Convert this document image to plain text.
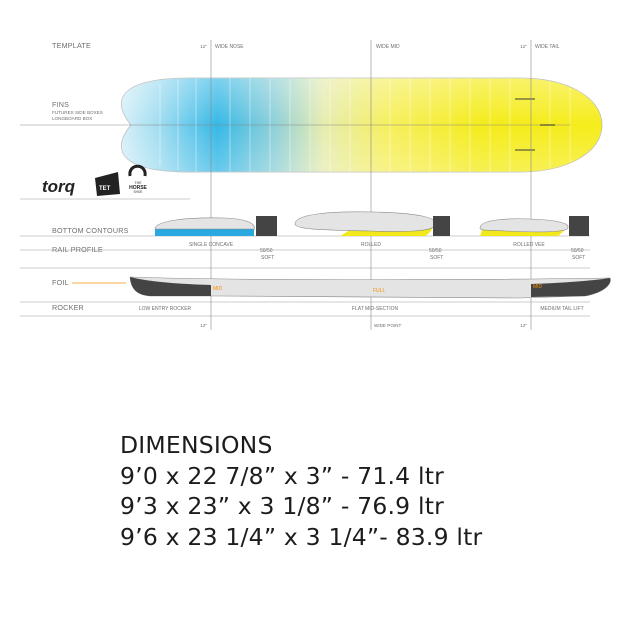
TEMPLATE
FINS
FUTURES SIDE BOXES
LONGBOARD BOX
BOTTOM CONTOURS
RAIL PROFILE
FOIL
ROCKER
12" WIDE NOSE	WIDE MID	12" WIDE TAIL
torq	TET
THE
HORSE
SHOE
SINGLE CONCAVE	ROLLED	ROLLED VEE
50/50
SOFT
50/50
SOFT
50/50
SOFT
MID	FULL
MID
LOW ENTRY ROCKER	FLAT MID-SECTION	MEDIUM TAIL LIFT
12"	WIDE POINT	12"
DIMENSIONS
9’0 x 22 7/8” x 3” - 71.4 ltr
9’3 x 23” x 3 1/8” - 76.9 ltr
9’6 x 23 1/4” x 3 1/4”- 83.9 ltr
